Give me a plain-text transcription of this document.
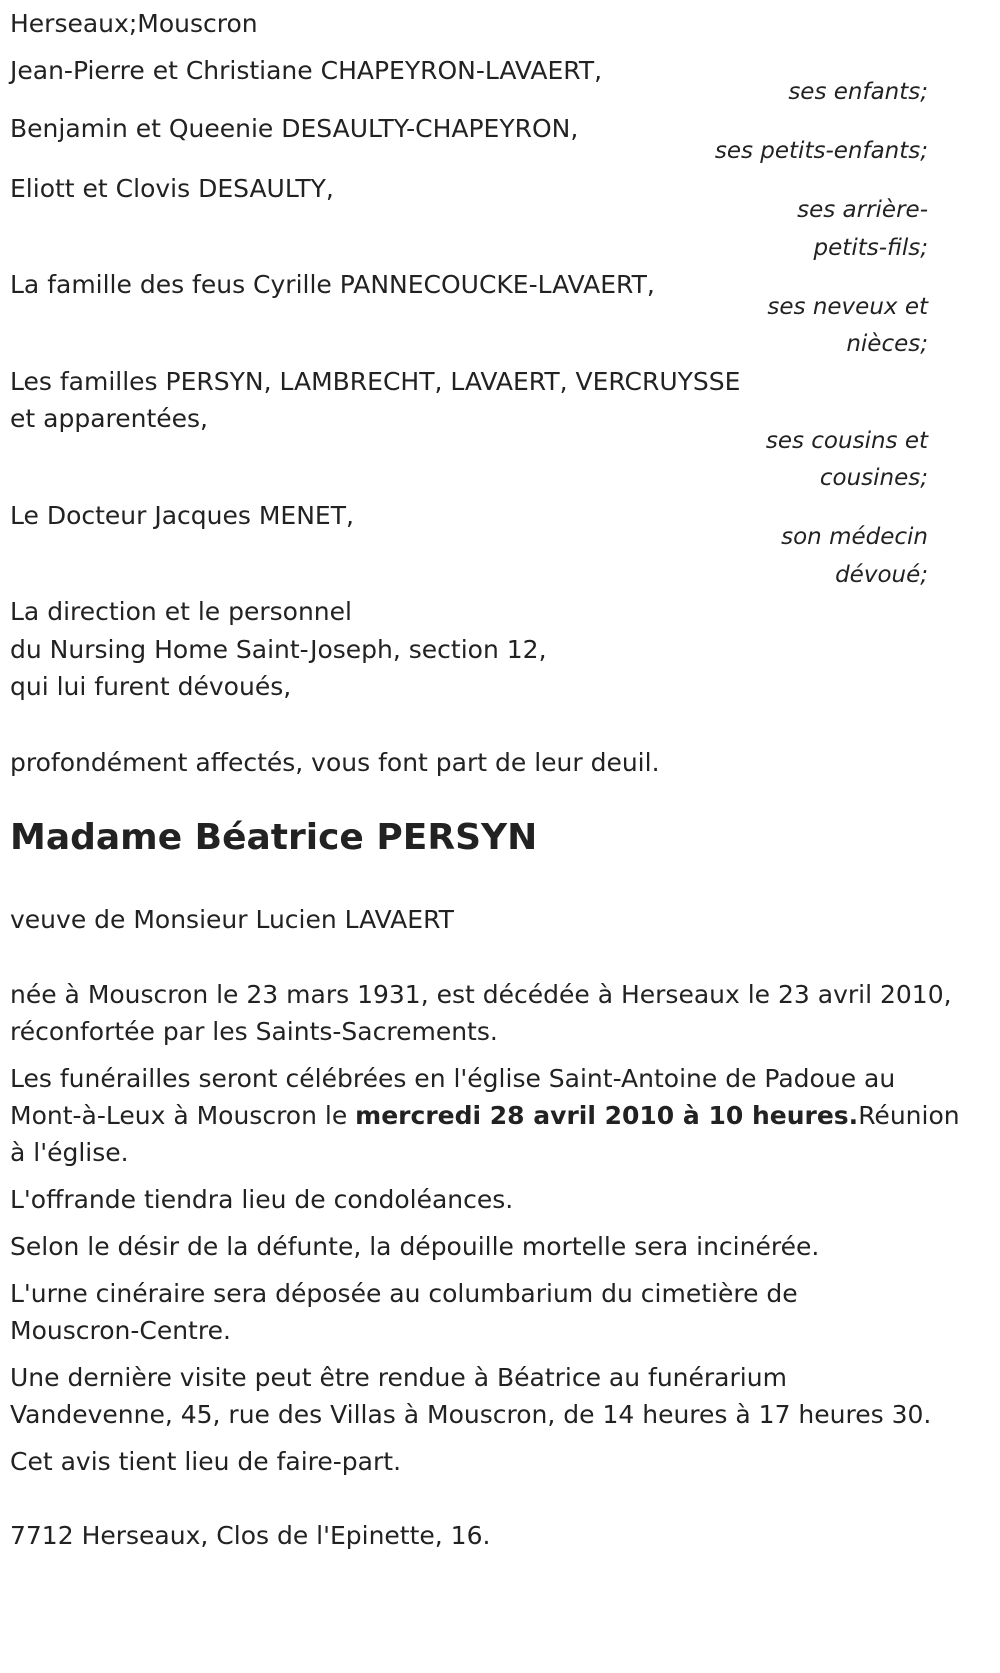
Herseaux;Mouscron
Jean-Pierre et Christiane CHAPEYRON-LAVAERT,
ses enfants;
Benjamin et Queenie DESAULTY-CHAPEYRON,
ses petits-enfants;
Eliott et Clovis DESAULTY,
ses arrière-
petits-fils;
La famille des feus Cyrille PANNECOUCKE-LAVAERT,
ses neveux et
nièces;
Les familles PERSYN, LAMBRECHT, LAVAERT, VERCRUYSSE
et apparentées,
ses cousins et
cousines;
Le Docteur Jacques MENET,
son médecin
dévoué;
La direction et le personnel
du Nursing Home Saint-Joseph, section 12,
qui lui furent dévoués,
profondément affectés, vous font part de leur deuil.
Madame Béatrice PERSYN
veuve de Monsieur Lucien LAVAERT
née à Mouscron le 23 mars 1931, est décédée à Herseaux le 23 avril 2010,
réconfortée par les Saints-Sacrements.
Les funérailles seront célébrées en l'église Saint-Antoine de Padoue au
Mont-à-Leux à Mouscron le mercredi 28 avril 2010 à 10 heures.Réunion
à l'église.
L'offrande tiendra lieu de condoléances.
Selon le désir de la défunte, la dépouille mortelle sera incinérée.
L'urne cinéraire sera déposée au columbarium du cimetière de
Mouscron-Centre.
Une dernière visite peut être rendue à Béatrice au funérarium
Vandevenne, 45, rue des Villas à Mouscron, de 14 heures à 17 heures 30.
Cet avis tient lieu de faire-part.
7712 Herseaux, Clos de l'Epinette, 16.
